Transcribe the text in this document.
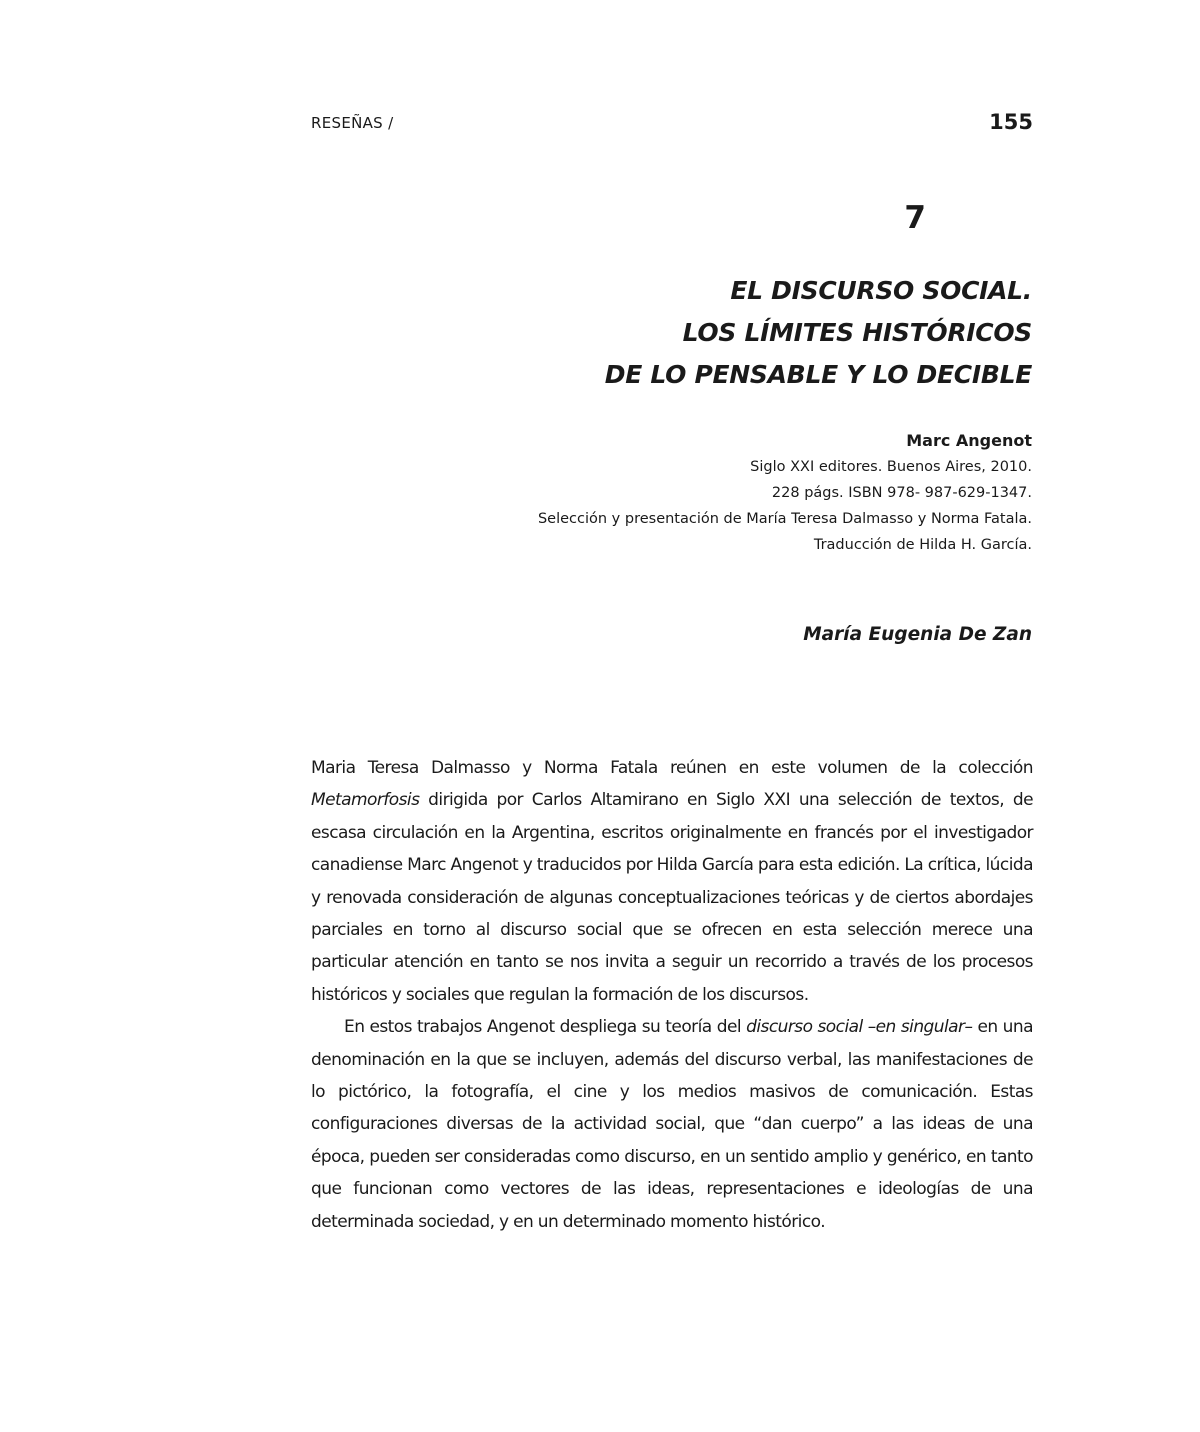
RESEÑAS /	155
7
EL DISCURSO SOCIAL.
LOS LÍMITES HISTÓRICOS
DE LO PENSABLE Y LO DECIBLE
Marc Angenot
Siglo XXI editores. Buenos Aires, 2010.
228 págs. ISBN 978- 987-629-1347.
Selección y presentación de María Teresa Dalmasso y Norma Fatala.
Traducción de Hilda H. García.
María Eugenia De Zan

Maria Teresa Dalmasso y Norma Fatala reúnen en este volumen de la colección Metamorfosis dirigida por Carlos Altamirano en Siglo XXI una selección de textos, de escasa circulación en la Argentina, escritos originalmente en francés por el investigador canadiense Marc Angenot y traducidos por Hilda García para esta edición. La crítica, lúcida y renovada consideración de algunas conceptualizaciones teóricas y de ciertos abordajes parciales en torno al discurso social que se ofrecen en esta selección merece una particular atención en tanto se nos invita a seguir un recorrido a través de los procesos históricos y sociales que regulan la formación de los discursos.

En estos trabajos Angenot despliega su teoría del discurso social –en singular– en una denominación en la que se incluyen, además del discurso verbal, las manifestaciones de lo pictórico, la fotografía, el cine y los medios masivos de comunicación. Estas configuraciones diversas de la actividad social, que “dan cuerpo” a las ideas de una época, pueden ser consideradas como discurso, en un sentido amplio y genérico, en tanto que funcionan como vectores de las ideas, representaciones e ideologías de una determinada sociedad, y en un determinado momento histórico.
